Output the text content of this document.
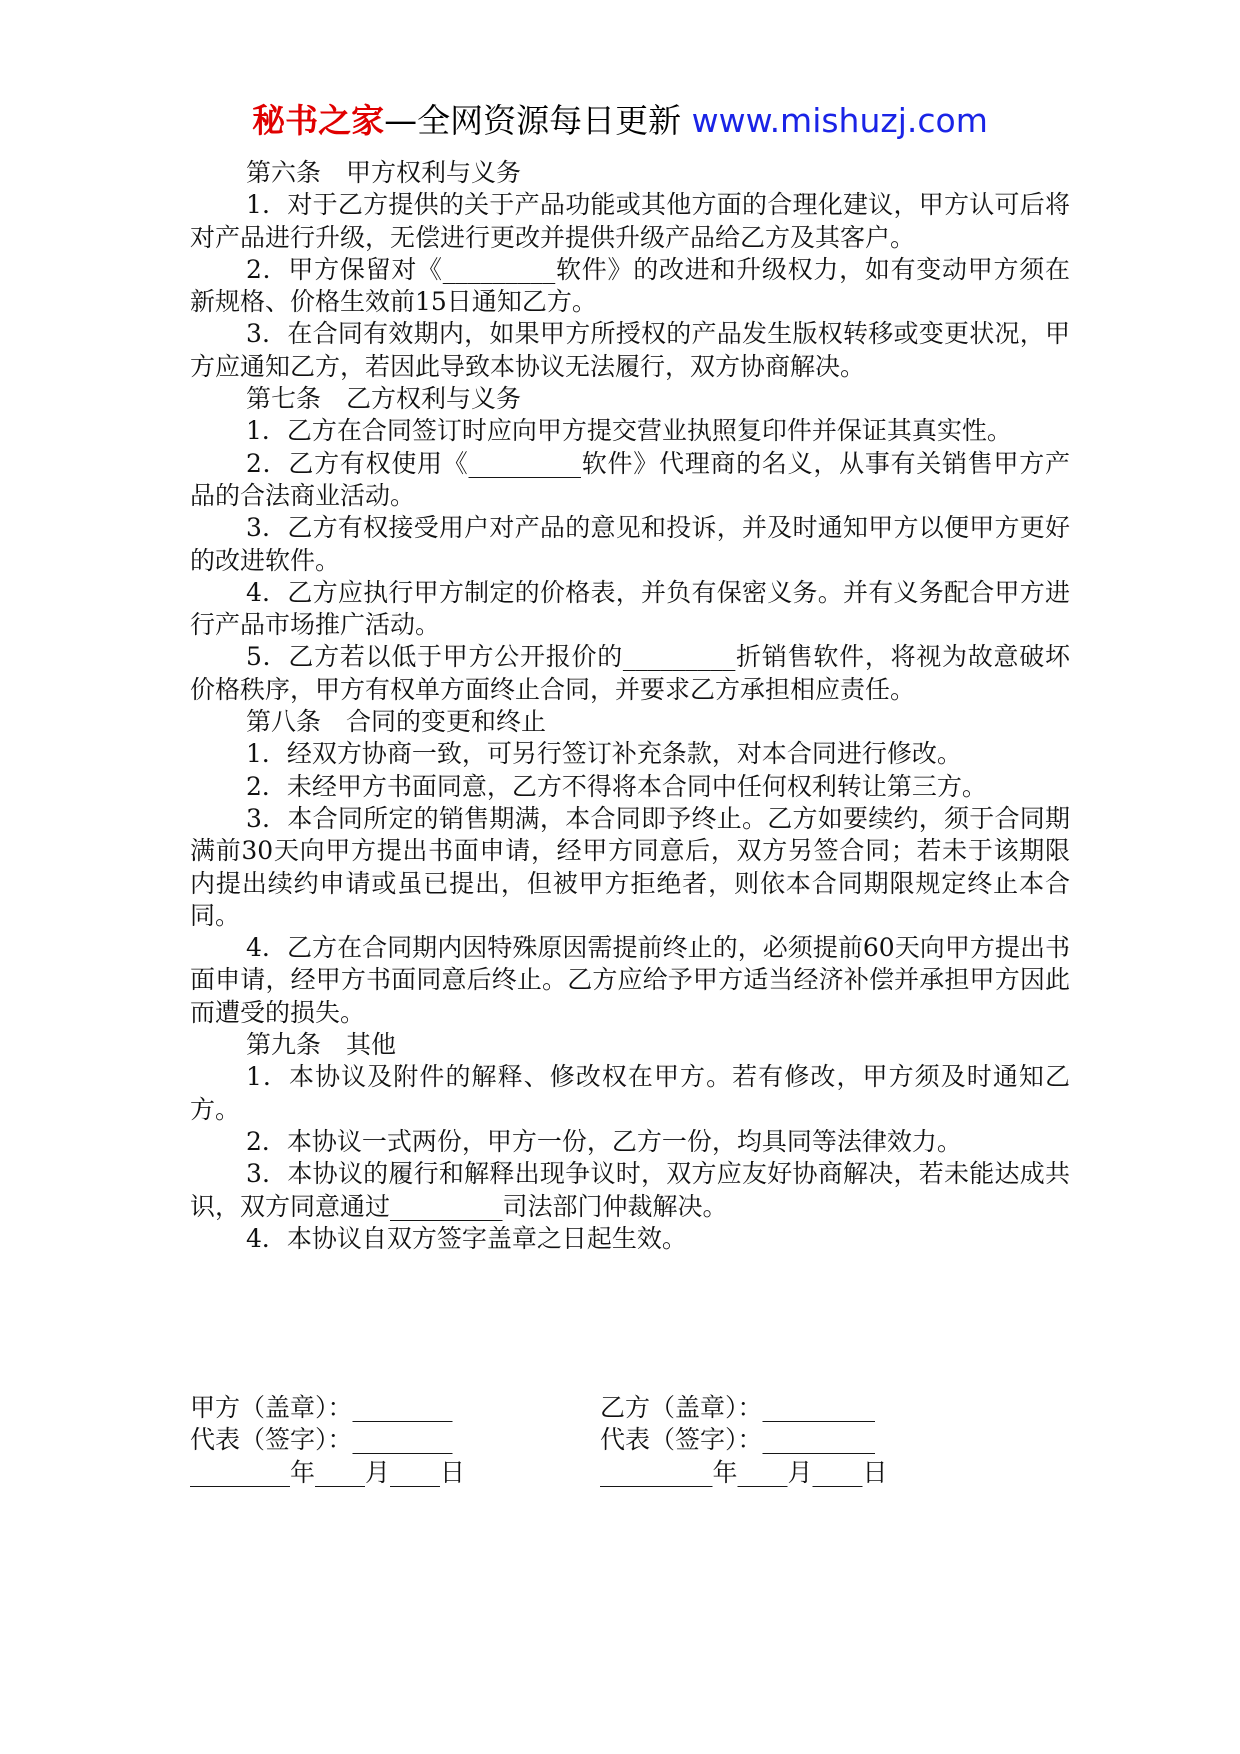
秘书之家—全网资源每日更新 www.mishuzj.com

第六条　甲方权利与义务

1．对于乙方提供的关于产品功能或其他方面的合理化建议，甲方认可后将对产品进行升级，无偿进行更改并提供升级产品给乙方及其客户。

2．甲方保留对《_________软件》的改进和升级权力，如有变动甲方须在新规格、价格生效前15日通知乙方。

3．在合同有效期内，如果甲方所授权的产品发生版权转移或变更状况，甲方应通知乙方，若因此导致本协议无法履行，双方协商解决。

第七条　乙方权利与义务

1．乙方在合同签订时应向甲方提交营业执照复印件并保证其真实性。

2．乙方有权使用《_________软件》代理商的名义，从事有关销售甲方产品的合法商业活动。

3．乙方有权接受用户对产品的意见和投诉，并及时通知甲方以便甲方更好的改进软件。

4．乙方应执行甲方制定的价格表，并负有保密义务。并有义务配合甲方进行产品市场推广活动。

5．乙方若以低于甲方公开报价的_________折销售软件，将视为故意破坏价格秩序，甲方有权单方面终止合同，并要求乙方承担相应责任。

第八条　合同的变更和终止

1．经双方协商一致，可另行签订补充条款，对本合同进行修改。

2．未经甲方书面同意，乙方不得将本合同中任何权利转让第三方。

3．本合同所定的销售期满，本合同即予终止。乙方如要续约，须于合同期满前30天向甲方提出书面申请，经甲方同意后，双方另签合同；若未于该期限内提出续约申请或虽已提出，但被甲方拒绝者，则依本合同期限规定终止本合同。

4．乙方在合同期内因特殊原因需提前终止的，必须提前60天向甲方提出书面申请，经甲方书面同意后终止。乙方应给予甲方适当经济补偿并承担甲方因此而遭受的损失。

第九条　其他

1．本协议及附件的解释、修改权在甲方。若有修改，甲方须及时通知乙方。

2．本协议一式两份，甲方一份，乙方一份，均具同等法律效力。

3．本协议的履行和解释出现争议时，双方应友好协商解决，若未能达成共识，双方同意通过_________司法部门仲裁解决。

4．本协议自双方签字盖章之日起生效。

甲方（盖章）：________	乙方（盖章）：_________
代表（签字）：________	代表（签字）：_________
________年____月____日	_________年____月____日
